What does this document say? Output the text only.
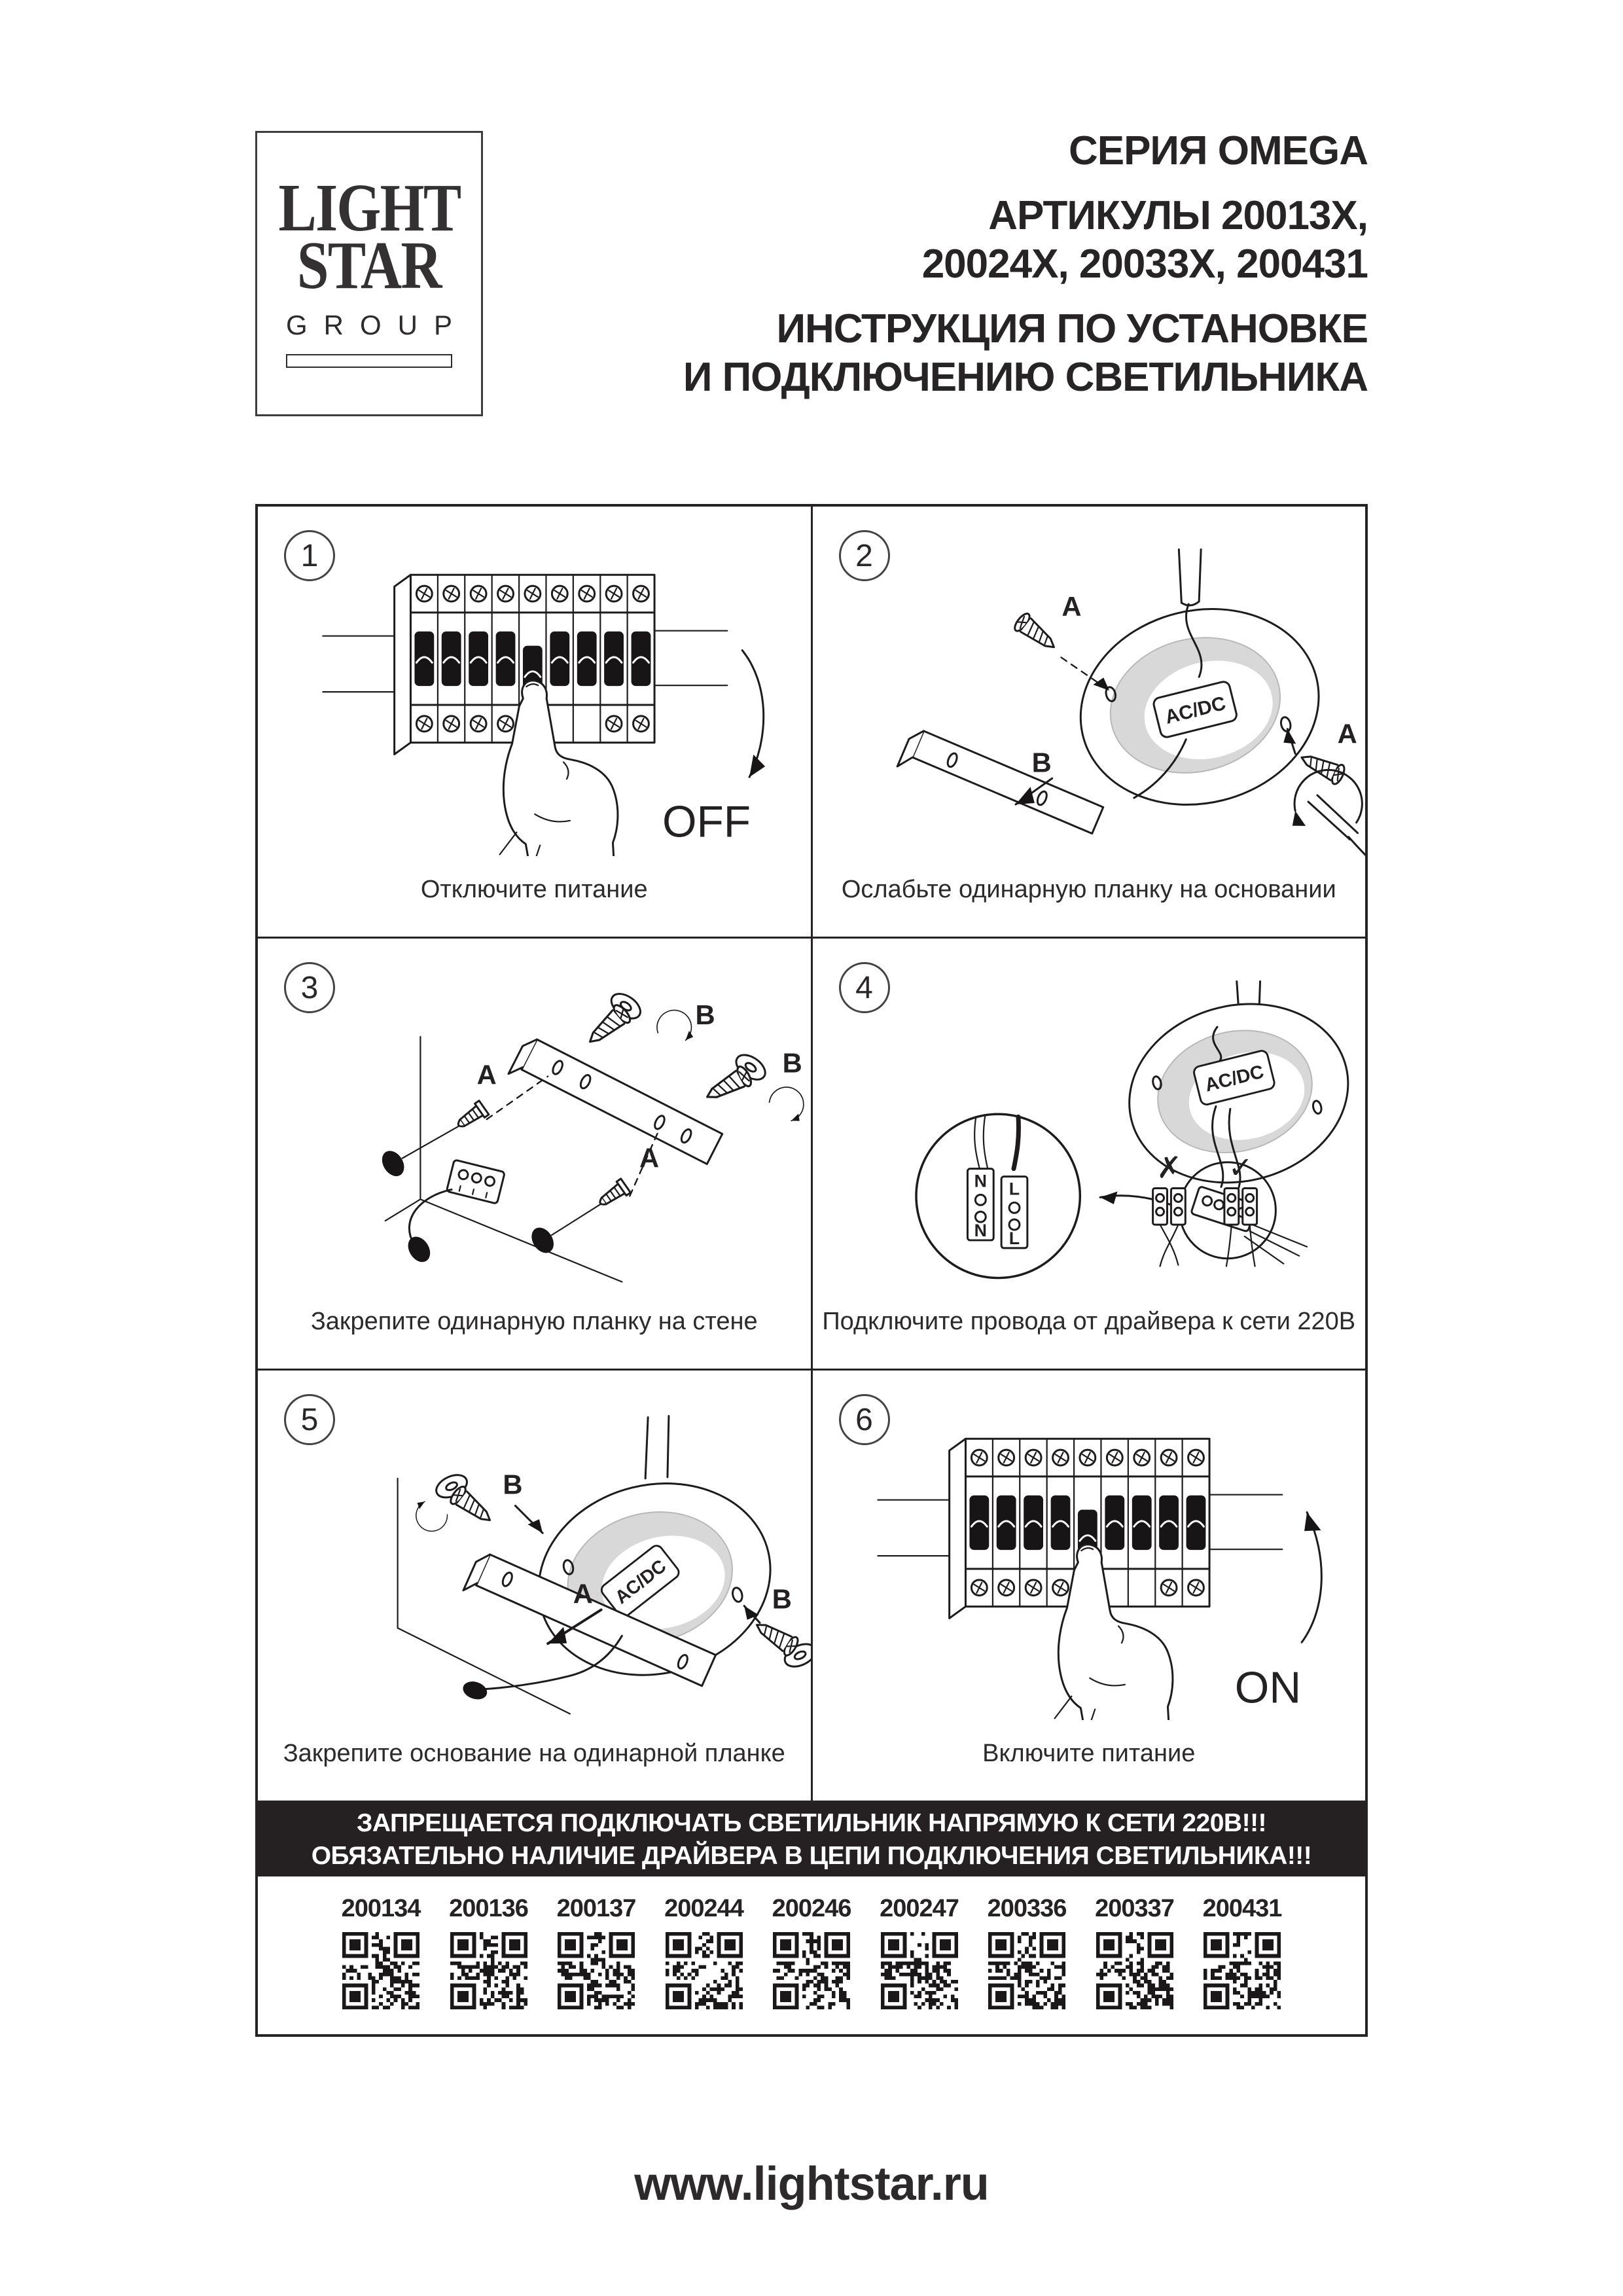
LIGHT
STAR
GROUP
СЕРИЯ OMEGA
АРТИКУЛЫ 20013X,
20024X, 20033X, 200431
ИНСТРУКЦИЯ ПО УСТАНОВКЕ
И ПОДКЛЮЧЕНИЮ СВЕТИЛЬНИКА
1
OFF
Отключите питание
2
B
A
A
Ослабьте одинарную планку на основании
3
B
B
A
A
Закрепите одинарную планку на стене
4
N
N
L
L
✗ ✓
Подключите провода от драйвера к сети 220В
5
B
A	B
Закрепите основание на одинарной планке
6
ON
Включите питание
ЗАПРЕЩАЕТСЯ ПОДКЛЮЧАТЬ СВЕТИЛЬНИК НАПРЯМУЮ К СЕТИ 220В!!!
ОБЯЗАТЕЛЬНО НАЛИЧИЕ ДРАЙВЕРА В ЦЕПИ ПОДКЛЮЧЕНИЯ СВЕТИЛЬНИКА!!!
200134	200136	200137	200244	200246	200247	200336	200337	200431
www.lightstar.ru
